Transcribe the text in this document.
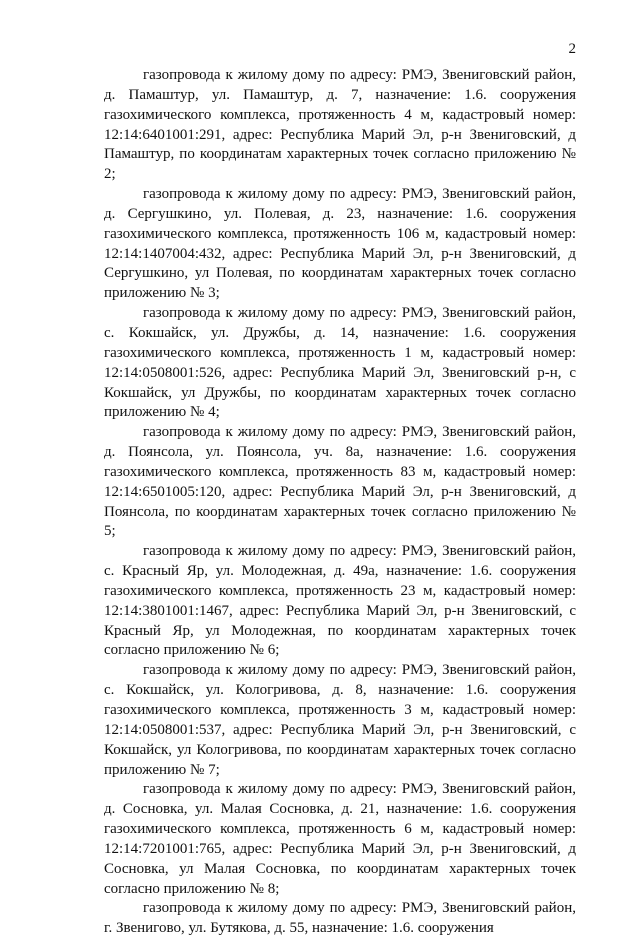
2

газопровода к жилому дому по адресу: РМЭ, Звениговский район, д. Памаштур, ул. Памаштур, д. 7, назначение: 1.6. сооружения газохимического комплекса, протяженность 4 м, кадастровый номер: 12:14:6401001:291, адрес: Республика Марий Эл, р-н Звениговский, д Памаштур, по координатам характерных точек согласно приложению № 2;

газопровода к жилому дому по адресу: РМЭ, Звениговский район, д. Сергушкино, ул. Полевая, д. 23, назначение: 1.6. сооружения газохимического комплекса, протяженность 106 м, кадастровый номер: 12:14:1407004:432, адрес: Республика Марий Эл, р-н Звениговский, д Сергушкино, ул Полевая, по координатам характерных точек согласно приложению № 3;

газопровода к жилому дому по адресу: РМЭ, Звениговский район, с. Кокшайск, ул. Дружбы, д. 14, назначение: 1.6. сооружения газохимического комплекса, протяженность 1 м, кадастровый номер: 12:14:0508001:526, адрес: Республика Марий Эл, Звениговский р-н, с Кокшайск, ул Дружбы, по координатам характерных точек согласно приложению № 4;

газопровода к жилому дому по адресу: РМЭ, Звениговский район, д. Поянсола, ул. Поянсола, уч. 8а, назначение: 1.6. сооружения газохимического комплекса, протяженность 83 м, кадастровый номер: 12:14:6501005:120, адрес: Республика Марий Эл, р-н Звениговский, д Поянсола, по координатам характерных точек согласно приложению № 5;

газопровода к жилому дому по адресу: РМЭ, Звениговский район, с. Красный Яр, ул. Молодежная, д. 49а, назначение: 1.6. сооружения газохимического комплекса, протяженность 23 м, кадастровый номер: 12:14:3801001:1467, адрес: Республика Марий Эл, р-н Звениговский, с Красный Яр, ул Молодежная, по координатам характерных точек согласно приложению № 6;

газопровода к жилому дому по адресу: РМЭ, Звениговский район, с. Кокшайск, ул. Кологривова, д. 8, назначение: 1.6. сооружения газохимического комплекса, протяженность 3 м, кадастровый номер: 12:14:0508001:537, адрес: Республика Марий Эл, р-н Звениговский, с Кокшайск, ул Кологривова, по координатам характерных точек согласно приложению № 7;

газопровода к жилому дому по адресу: РМЭ, Звениговский район, д. Сосновка, ул. Малая Сосновка, д. 21, назначение: 1.6. сооружения газохимического комплекса, протяженность 6 м, кадастровый номер: 12:14:7201001:765, адрес: Республика Марий Эл, р-н Звениговский, д Сосновка, ул Малая Сосновка, по координатам характерных точек согласно приложению № 8;

газопровода к жилому дому по адресу: РМЭ, Звениговский район, г. Звенигово, ул. Бутякова, д. 55, назначение: 1.6. сооружения
